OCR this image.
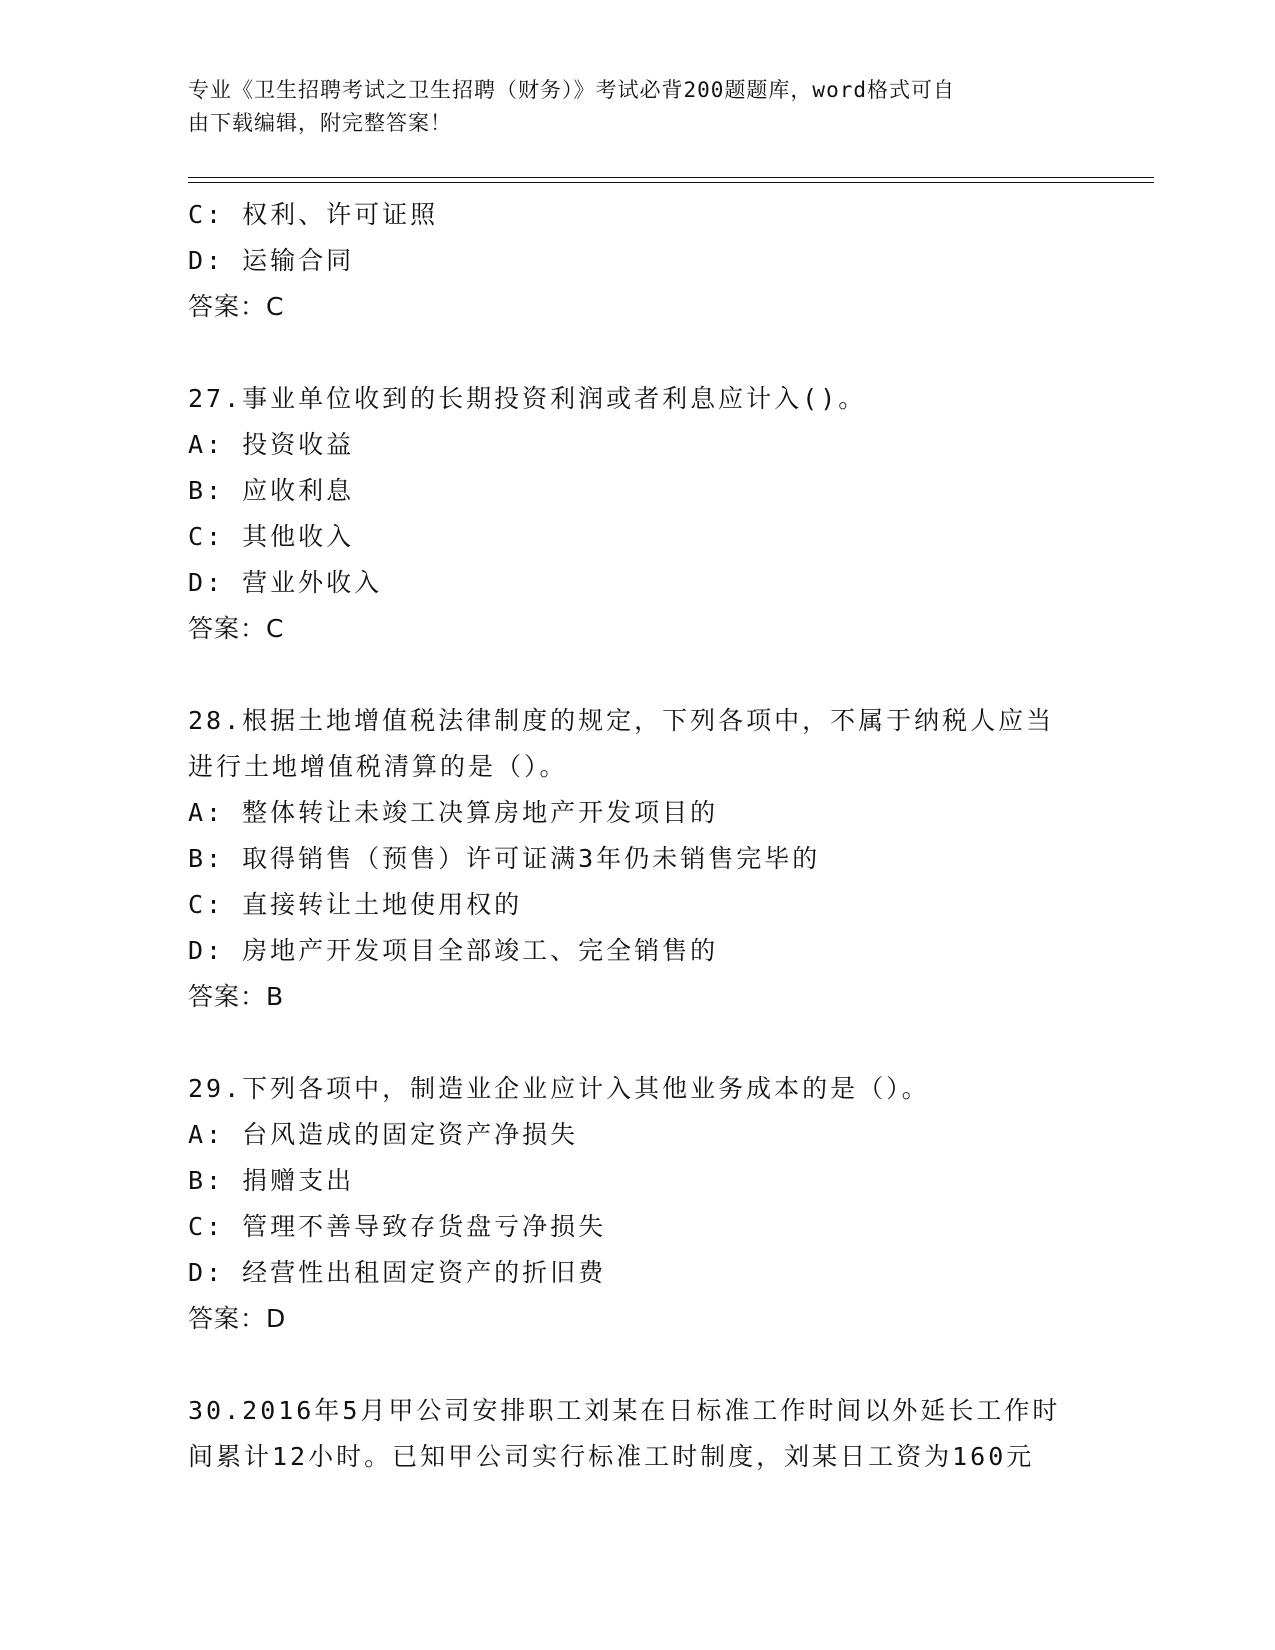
专业《卫生招聘考试之卫生招聘（财务）》考试必背200题题库，word格式可自
由下载编辑，附完整答案！
C: 权利、许可证照
D: 运输合同
答案：C
27.事业单位收到的长期投资利润或者利息应计入()。
A: 投资收益
B: 应收利息
C: 其他收入
D: 营业外收入
答案：C
28.根据土地增值税法律制度的规定，下列各项中，不属于纳税人应当
进行土地增值税清算的是（）。
A: 整体转让未竣工决算房地产开发项目的
B: 取得销售（预售）许可证满3年仍未销售完毕的
C: 直接转让土地使用权的
D: 房地产开发项目全部竣工、完全销售的
答案：B
29.下列各项中，制造业企业应计入其他业务成本的是（）。
A: 台风造成的固定资产净损失
B: 捐赠支出
C: 管理不善导致存货盘亏净损失
D: 经营性出租固定资产的折旧费
答案：D
30.2016年5月甲公司安排职工刘某在日标准工作时间以外延长工作时
间累计12小时。已知甲公司实行标准工时制度，刘某日工资为160元
